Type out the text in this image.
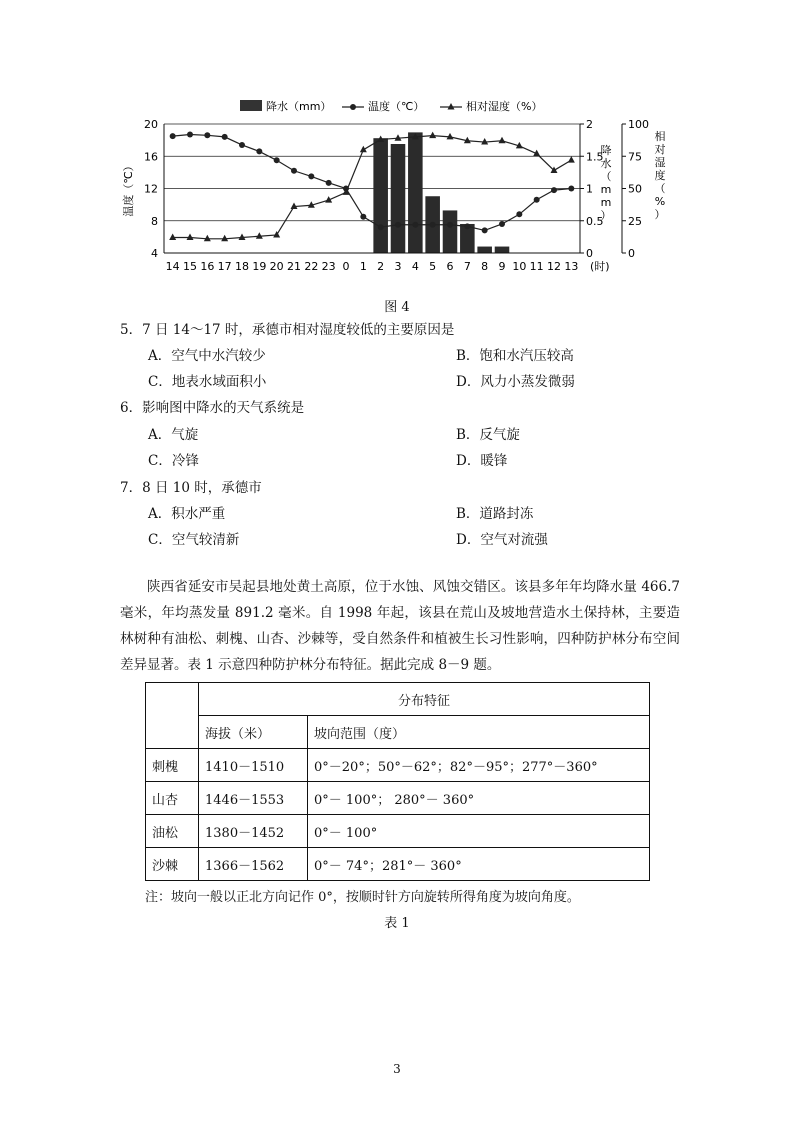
降水（mm）	温度（℃）	相对湿度（%）
4
8
12
16
20
0
0.5
1
1.5
2
0
25
50
75
100
14 15 16 17 18 19 20 21 22 23 0 1 2 3 4 5 6 7 8 9 10 11 12 13 (时)
温度（℃）
降水（ m m ）
相对湿度（%）
图 4
5．7 日 14～17 时，承德市相对湿度较低的主要原因是
A．空气中水汽较少	B．饱和水汽压较高
C．地表水域面积小	D．风力小蒸发微弱
6．影响图中降水的天气系统是
A．气旋	B．反气旋
C．冷锋	D．暖锋
7．8 日 10 时，承德市
A．积水严重	B．道路封冻
C．空气较清新	D．空气对流强
陕西省延安市吴起县地处黄土高原，位于水蚀、风蚀交错区。该县多年年均降水量 466.7 毫米，年均蒸发量 891.2 毫米。自 1998 年起，该县在荒山及坡地营造水土保持林，主要造林树种有油松、刺槐、山杏、沙棘等，受自然条件和植被生长习性影响，四种防护林分布空间差异显著。表 1 示意四种防护林分布特征。据此完成 8－9 题。
	分布特征	
	海拔（米）	坡向范围（度）
刺槐	1410－1510	0°－20°；50°－62°；82°－95°；277°－360°
山杏	1446－1553	0°－ 100°； 280°－ 360°
油松	1380－1452	0°－ 100°
沙棘	1366－1562	0°－ 74°；281°－ 360°
注：坡向一般以正北方向记作 0°，按顺时针方向旋转所得角度为坡向角度。
表 1
3
